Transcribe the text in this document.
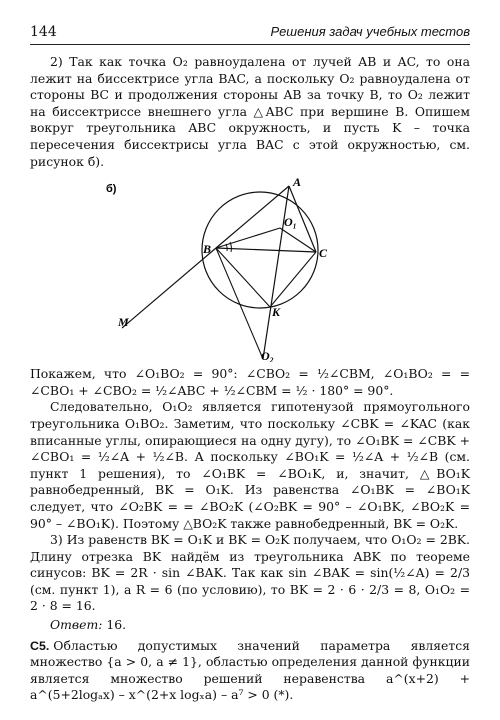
144	Решения задач учебных тестов

2) Так как точка O₂ равноудалена от лучей AB и AC, то она лежит на биссектрисе угла BAC, а поскольку O₂ равноудалена от стороны BC и продолжения стороны AB за точку B, то O₂ лежит на биссектриссе внешнего угла △ABC при вершине B. Опишем вокруг треугольника ABC окружность, и пусть K – точка пересечения биссектрисы угла BAC с этой окружностью, см. рисунок б).

б)	A
B	C
K
O₁
O₂
M

Покажем, что ∠O₁BO₂ = 90°: ∠CBO₂ = ½∠CBM, ∠O₁BO₂ = = ∠CBO₁ + ∠CBO₂ = ½∠ABC + ½∠CBM = ½ · 180° = 90°.

Следовательно, O₁O₂ является гипотенузой прямоугольного треугольника O₁BO₂. Заметим, что поскольку ∠CBK = ∠KAC (как вписанные углы, опирающиеся на одну дугу), то ∠O₁BK = ∠CBK + ∠CBO₁ = ½∠A + ½∠B. А поскольку ∠BO₁K = ½∠A + ½∠B (см. пункт 1 решения), то ∠O₁BK = ∠BO₁K, и, значит, △BO₁K равнобедренный, BK = O₁K. Из равенства ∠O₁BK = ∠BO₁K следует, что ∠O₂BK = = ∠BO₂K (∠O₂BK = 90° – ∠O₁BK, ∠BO₂K = 90° – ∠BO₁K). Поэтому △BO₂K также равнобедренный, BK = O₂K.

3) Из равенств BK = O₁K и BK = O₂K получаем, что O₁O₂ = 2BK. Длину отрезка BK найдём из треугольника ABK по теореме синусов: BK = 2R · sin ∠BAK. Так как sin ∠BAK = sin(½∠A) = 2/3 (см. пункт 1), а R = 6 (по условию), то BK = 2 · 6 · 2/3 = 8, O₁O₂ = 2 · 8 = 16.

Ответ: 16.

С5. Областью допустимых значений параметра является множество {a > 0, a ≠ 1}, областью определения данной функции является множество решений неравенства a^(x+2) + a^(5+2logₐx) – x^(2+x logₓa) – a⁷ > 0 (*).
